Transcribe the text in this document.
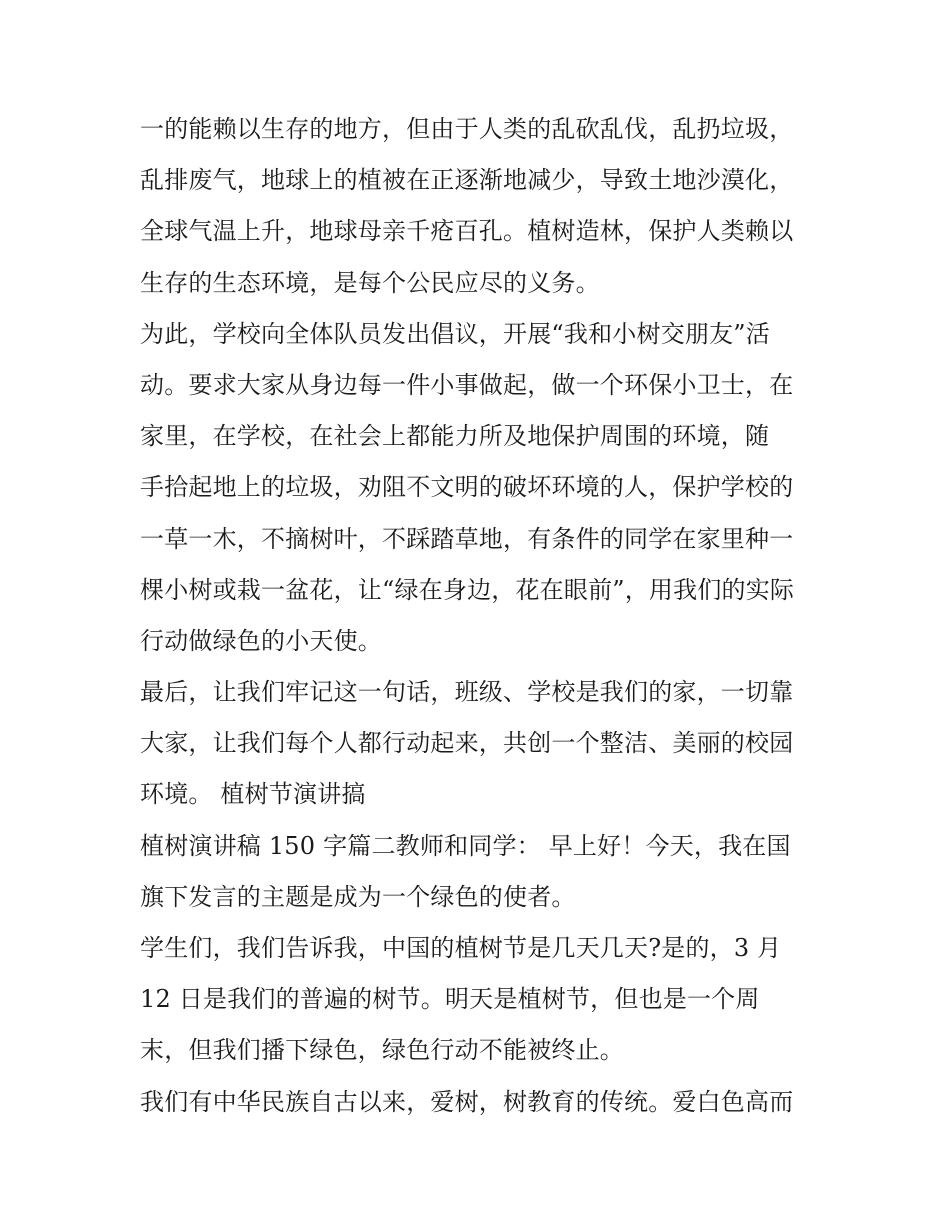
一的能赖以生存的地方，但由于人类的乱砍乱伐，乱扔垃圾，
乱排废气，地球上的植被在正逐渐地减少，导致土地沙漠化，
全球气温上升，地球母亲千疮百孔。植树造林，保护人类赖以
生存的生态环境，是每个公民应尽的义务。
为此，学校向全体队员发出倡议，开展“我和小树交朋友”活
动。要求大家从身边每一件小事做起，做一个环保小卫士，在
家里，在学校，在社会上都能力所及地保护周围的环境，随
手拾起地上的垃圾，劝阻不文明的破坏环境的人，保护学校的
一草一木，不摘树叶，不踩踏草地，有条件的同学在家里种一
棵小树或栽一盆花，让“绿在身边，花在眼前”，用我们的实际
行动做绿色的小天使。
最后，让我们牢记这一句话，班级、学校是我们的家，一切靠
大家，让我们每个人都行动起来，共创一个整洁、美丽的校园
环境。 植树节演讲搞
植树演讲稿 150 字篇二教师和同学： 早上好！今天，我在国
旗下发言的主题是成为一个绿色的使者。
学生们，我们告诉我，中国的植树节是几天几天?是的，3 月
12 日是我们的普遍的树节。明天是植树节，但也是一个周
末，但我们播下绿色，绿色行动不能被终止。
我们有中华民族自古以来，爱树，树教育的传统。爱白色高而
